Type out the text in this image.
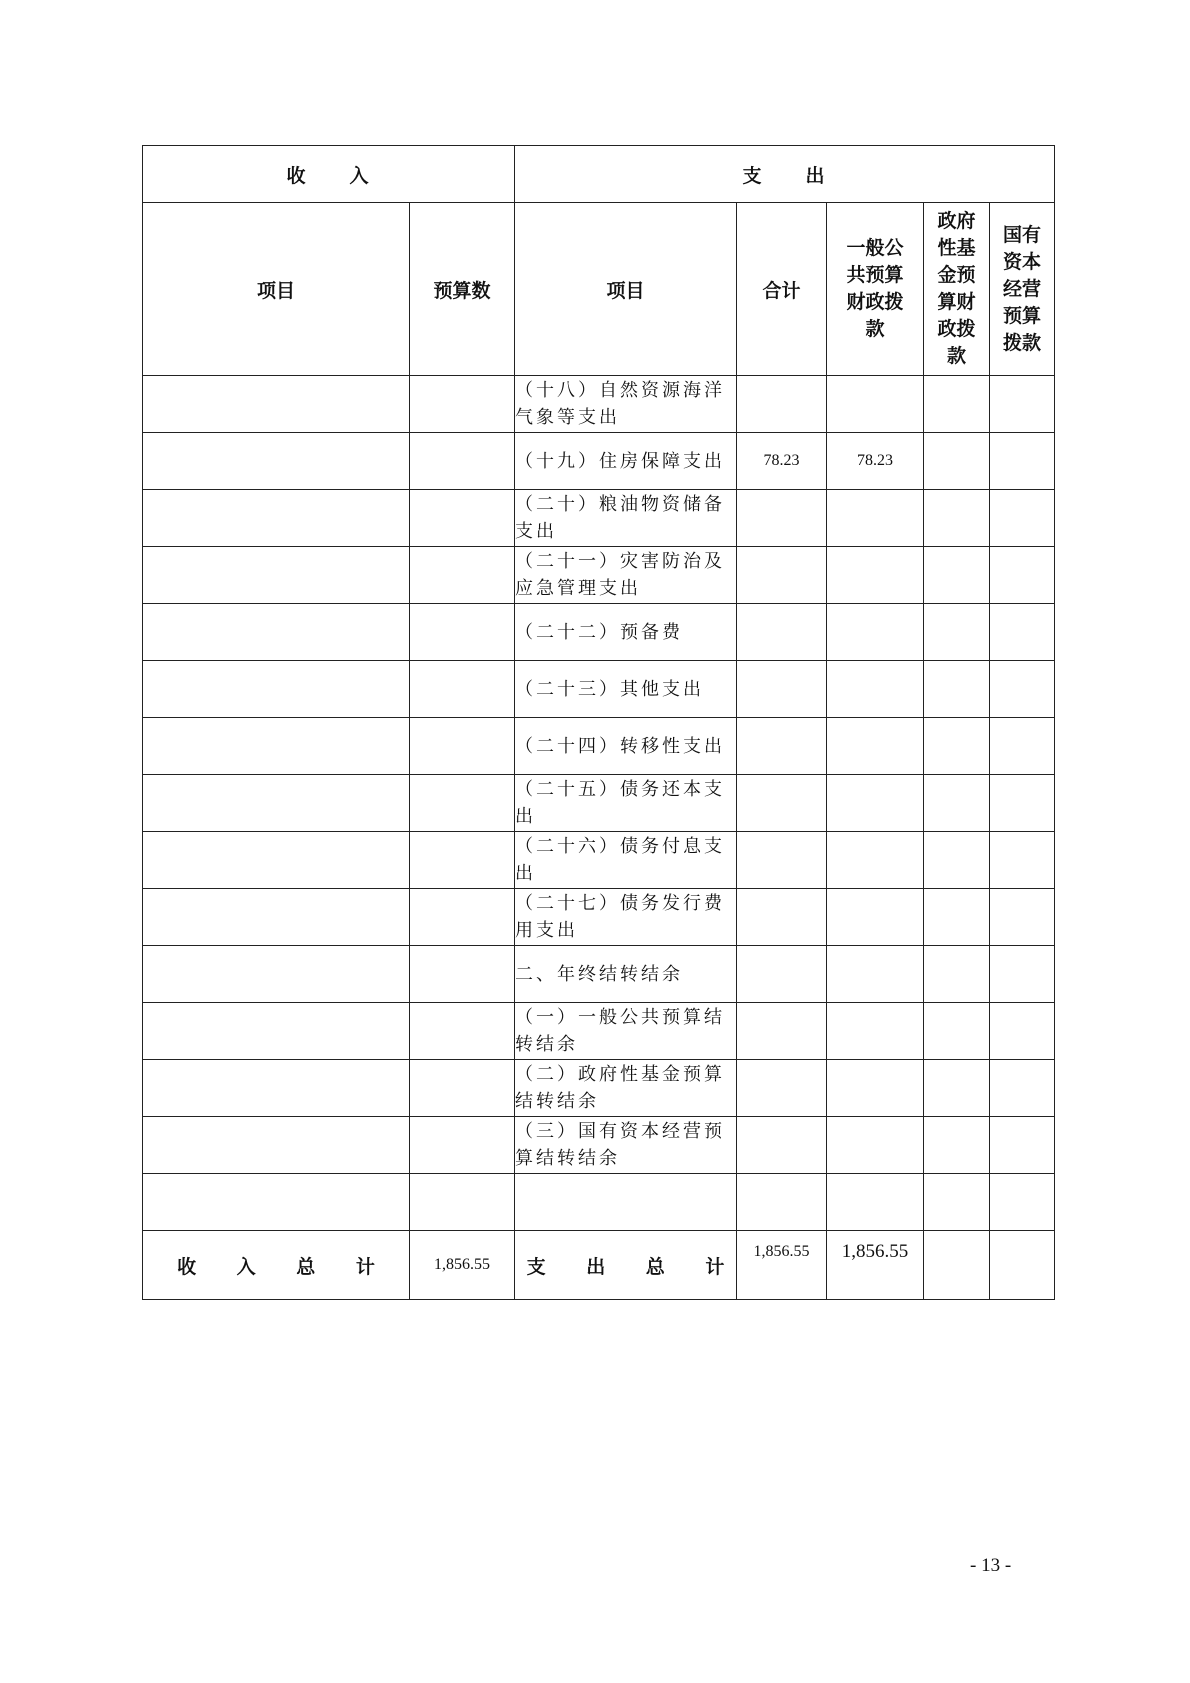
收　　入		支　　出				
项目	预算数	项目	合计	一般公共预算财政拨款	政府性基金预算财政拨款	国有资本经营预算拨款
		（十八）自然资源海洋气象等支出				
		（十九）住房保障支出	78.23	78.23		
		（二十）粮油物资储备支出				
		（二十一）灾害防治及应急管理支出				
		（二十二）预备费				
		（二十三）其他支出				
		（二十四）转移性支出				
		（二十五）债务还本支出				
		（二十六）债务付息支出				
		（二十七）债务发行费用支出				
		二、年终结转结余				
		（一）一般公共预算结转结余				
		（二）政府性基金预算结转结余				
		（三）国有资本经营预算结转结余				

收 入 总 计	1,856.55	支 出 总 计	1,856.55	1,856.55		
- 13 -
